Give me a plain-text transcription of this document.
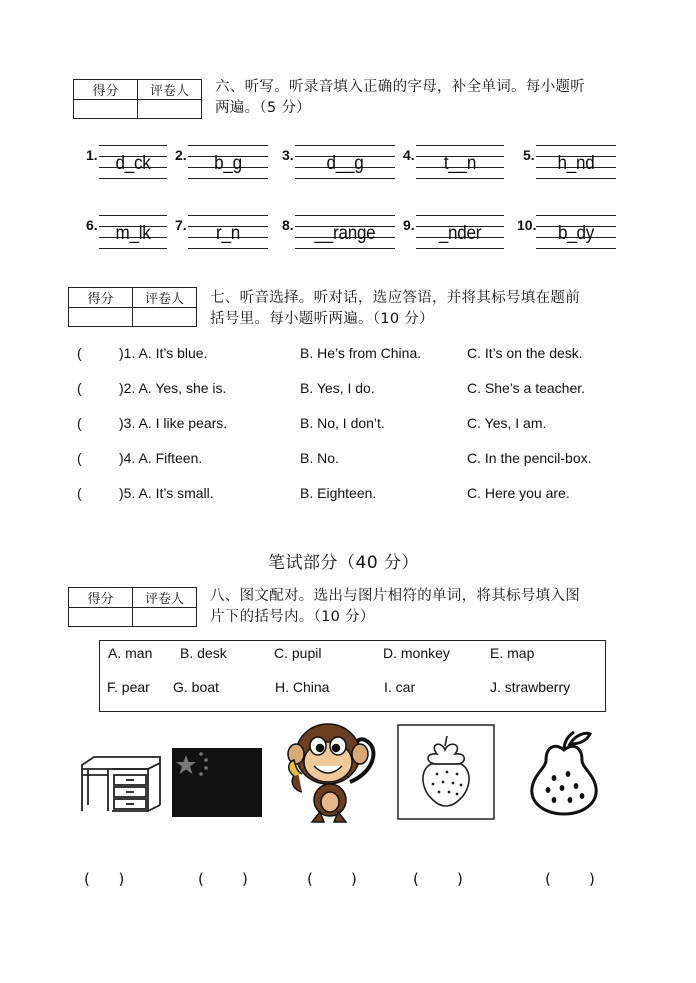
得分	评卷人
	六、听写。听录音填入正确的字母，补全单词。每小题听
两遍。（5 分）
1. d_ck	2.	b_g	3.	d__g	4.	t__n	5.	h_nd
6. m_lk	7.	r_n	8.	__range	9.	_nder	10.	b_dy
得分	评卷人
	七、听音选择。听对话，选应答语，并将其标号填在题前
括号里。每小题听两遍。（10 分）
(	)1. A. It’s blue.	B. He’s from China.	C. It’s on the desk.
(	)2. A. Yes, she is.	B. Yes, I do.	C. She’s a teacher.
(	)3. A. I like pears.	B. No, I don’t.	C. Yes, I am.
(	)4. A. Fifteen.	B. No.	C. In the pencil-box.
(	)5. A. It’s small.	B. Eighteen.	C. Here you are.
笔试部分（40 分）
得分	评卷人
	八、图文配对。选出与图片相符的单词，将其标号填入图
片下的括号内。（10 分）
A. man B. desk	C. pupil	D. monkey	E. map
F. pear G. boat	H. China	I. car	J. strawberry
(      )	(        )	(        )	(        )	(        )
